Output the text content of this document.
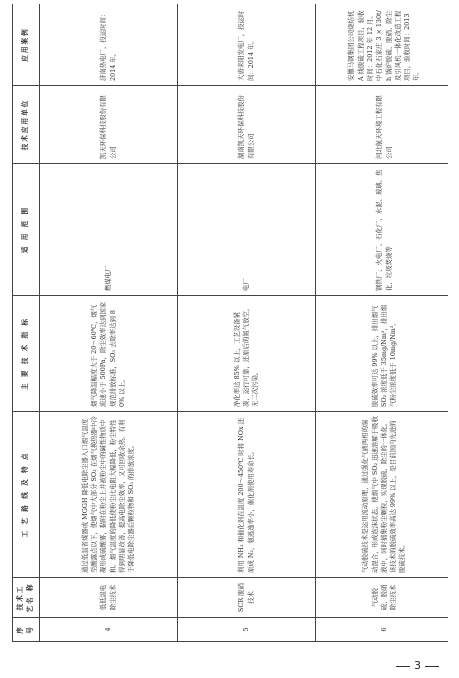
序号	技术工艺名 称	工 艺 路 线 及 特 点	主 要 技 术 指 标	适 用 范 围	技术应用单位	应用案例
4	低低温电除尘技术	通过低温省煤器或 MGGH 降低电除尘器入口烟气温度至酸露点以下，使烟气中大部分 SO₃ 在烟气换热器中冷凝形成硫酸雾，黏附在粉尘上并被粉尘中的碱性物质中和。烟气温度的降低使粉尘比电阻大幅降低，粉尘特性得到明显改善，提高电除尘效率，又可回收余热。有利于降低电除尘器后颗粒物和 SO₃ 的排放浓度。	烟气降温幅度大于 20～60℃，烟气流速小于 500Pa，除尘效率达到国家规范排放标准，SO₃ 去除率达到 80% 以上。	燃煤电厂	凯天环保科技股份有限公司	济南热电厂，投运时间：2014 年。
5	SCR 脱硝技术	利用 NH₃ 和催化剂在温度 200～450℃ 时将 NOx 还原成 N₂，氨逃逸率小，催化剂使用寿命长。	净化率达 85% 以上，工艺设备紧凑，运行可靠，还原后的氮气放空，无二次污染。	电厂	湖南凯天环保科技股份有限公司	大唐耒阳发电厂，投运时间：2014 年。
6	气动脱硫、脱硝除尘技术	气动脱硫技术是运用流动原理，通过强化气液两相的湍动混合，形成泡沫状态，使烟气中 SO₂ 迅速溶解于吸收液中，同时捕集粉尘颗粒，实现脱硫、除尘的一体化。该技术的脱硫效率高达 99% 以上，是目前国内先进的脱硫技术。	脱硫效率可达 99% 以上，排出烟气 SO₂ 浓度低于 35mg/Nm³，排出烟气粉尘浓度低于 10mg/Nm³。	钢铁厂、火电厂、石化厂、水泥、玻璃、焦化、垃圾焚烧等	河北航天环境工程有限公司	安徽马钢集团公司烧结机 A 线脱硫工程项目，验收时间：2012 年 12 月。中石化石家庄 3 × 130t/h 锅炉脱硫、脱硝、除尘及引风机一体化改造工程项目，验收时间：2013 年。
3
